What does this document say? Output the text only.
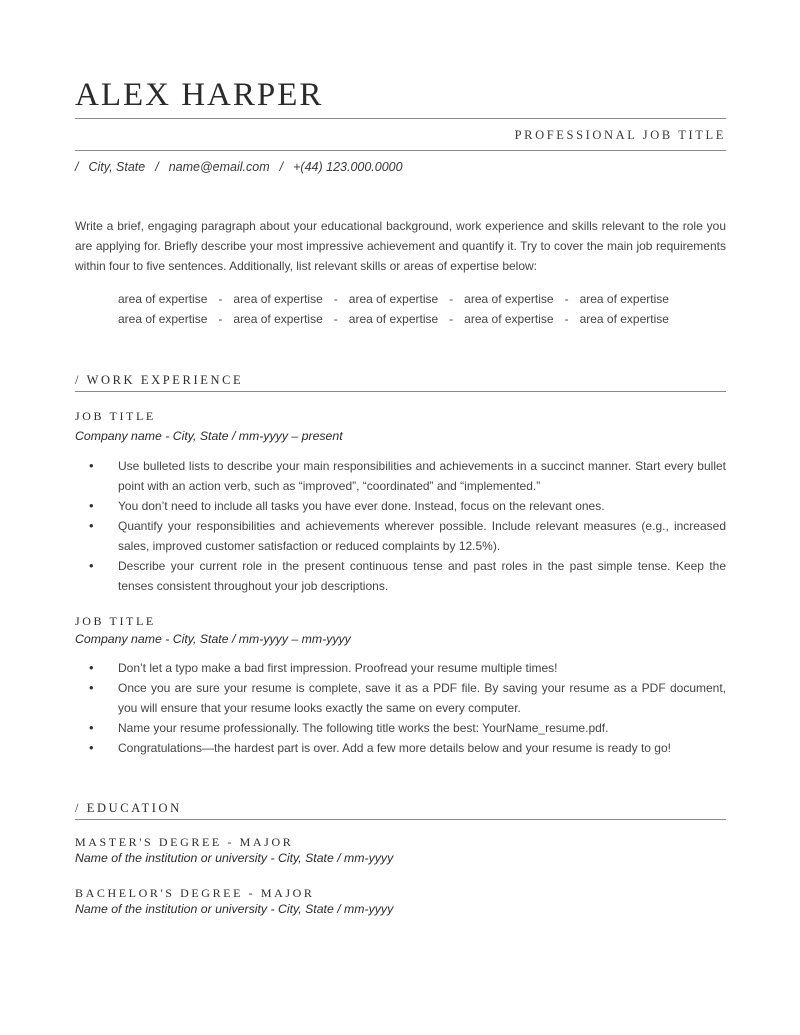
ALEX HARPER
PROFESSIONAL JOB TITLE
/ City, State / name@email.com / +(44) 123.000.0000

Write a brief, engaging paragraph about your educational background, work experience and skills relevant to the role you are applying for. Briefly describe your most impressive achievement and quantify it. Try to cover the main job requirements within four to five sentences. Additionally, list relevant skills or areas of expertise below:

area of expertise - area of expertise - area of expertise - area of expertise - area of expertise
area of expertise - area of expertise - area of expertise - area of expertise - area of expertise
/ WORK EXPERIENCE
JOB TITLE
Company name - City, State / mm-yyyy – present
• Use bulleted lists to describe your main responsibilities and achievements in a succinct manner. Start every bullet point with an action verb, such as “improved”, “coordinated” and “implemented.”
• You don’t need to include all tasks you have ever done. Instead, focus on the relevant ones.
• Quantify your responsibilities and achievements wherever possible. Include relevant measures (e.g., increased sales, improved customer satisfaction or reduced complaints by 12.5%).
• Describe your current role in the present continuous tense and past roles in the past simple tense. Keep the tenses consistent throughout your job descriptions.
JOB TITLE
Company name - City, State / mm-yyyy – mm-yyyy
• Don’t let a typo make a bad first impression. Proofread your resume multiple times!
• Once you are sure your resume is complete, save it as a PDF file. By saving your resume as a PDF document, you will ensure that your resume looks exactly the same on every computer.
• Name your resume professionally. The following title works the best: YourName_resume.pdf.
• Congratulations—the hardest part is over. Add a few more details below and your resume is ready to go!
/ EDUCATION
MASTER'S DEGREE - MAJOR
Name of the institution or university - City, State / mm-yyyy
BACHELOR'S DEGREE - MAJOR
Name of the institution or university - City, State / mm-yyyy
